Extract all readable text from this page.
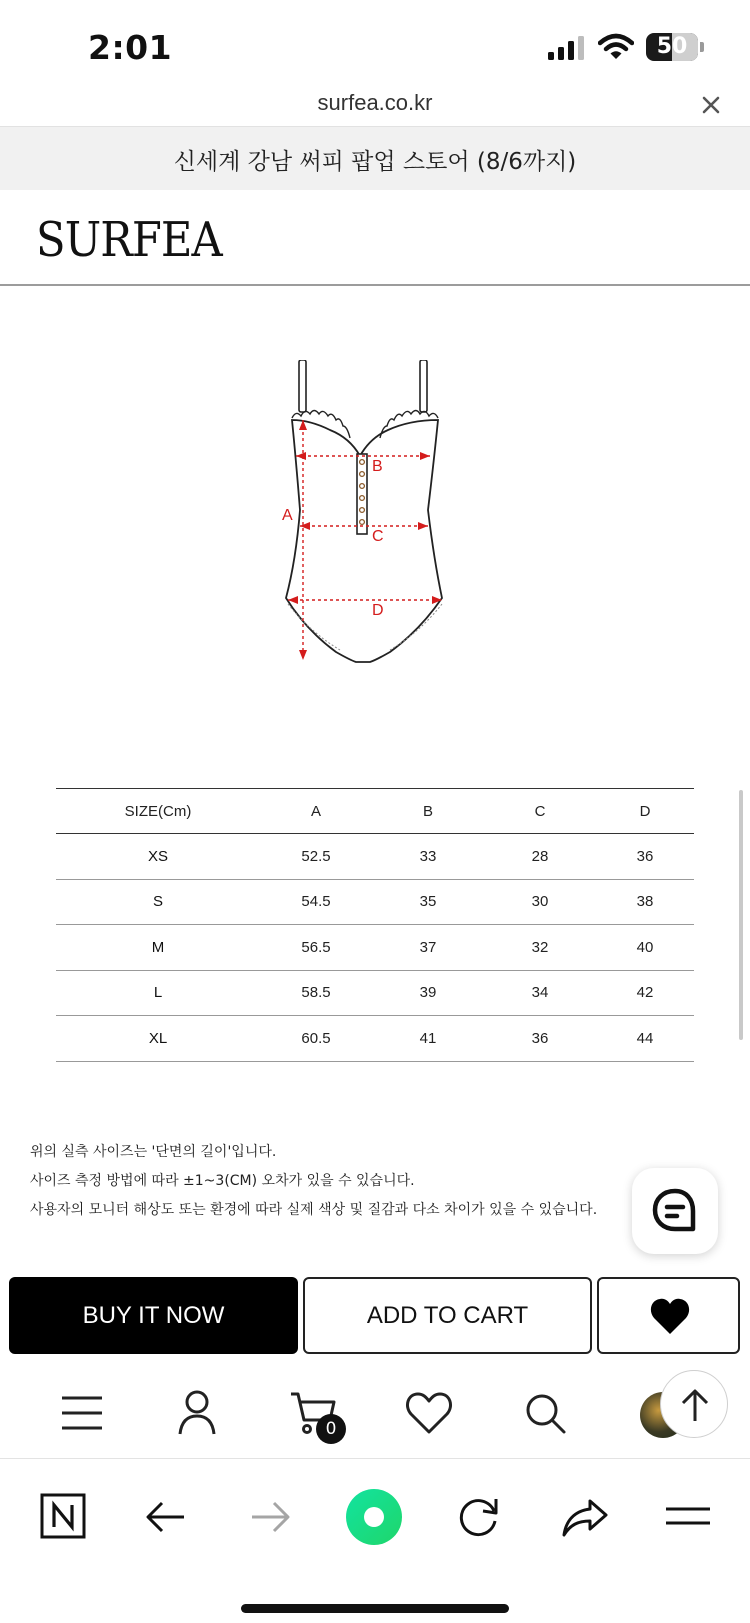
2:01	50
surfea.co.kr
신세계 강남 써피 팝업 스토어 (8/6까지)
SURFEA
A
B
C
D
SIZE(Cm)	A	B	C	D
XS	52.5	33	28	36
S	54.5	35	30	38
M	56.5	37	32	40
L	58.5	39	34	42
XL	60.5	41	36	44
위의 실측 사이즈는 '단면의 길이'입니다.
사이즈 측정 방법에 따라 ±1~3(CM) 오차가 있을 수 있습니다.
사용자의 모니터 해상도 또는 환경에 따라 실제 색상 및 질감과 다소 차이가 있을 수 있습니다.
BUY IT NOW	ADD TO CART
0
